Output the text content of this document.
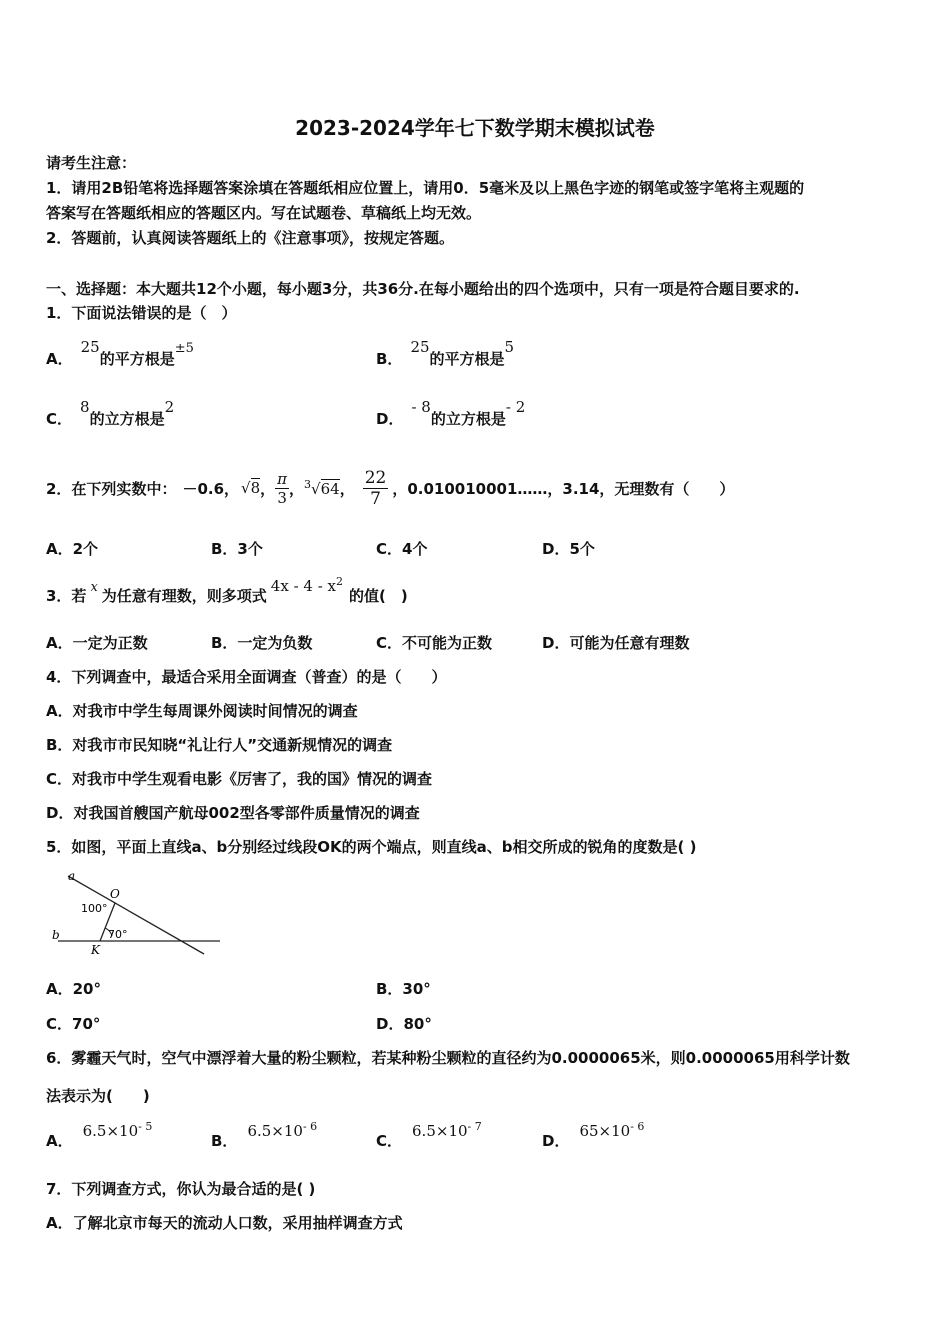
2023-2024学年七下数学期末模拟试卷
请考生注意：
1．请用2B铅笔将选择题答案涂填在答题纸相应位置上，请用0．5毫米及以上黑色字迹的钢笔或签字笔将主观题的
答案写在答题纸相应的答题区内。写在试题卷、草稿纸上均无效。
2．答题前，认真阅读答题纸上的《注意事项》，按规定答题。
一、选择题：本大题共12个小题，每小题3分，共36分.在每小题给出的四个选项中，只有一项是符合题目要求的.
1．下面说法错误的是（　）
A．25的平方根是±5
B．25的平方根是5
C．8的立方根是2
D．- 8的立方根是- 2
2．在下列实数中： －0.6， √8 ， $\frac{\pi}{3}$ ， $^3$√64 ， $\frac{22}{7}$ ，0.010010001……，3.14，无理数有（　　）
A．2个	B．3个	C．4个	D．5个
3．若 x 为任意有理数，则多项式$4x - 4 - x^2$的值(　)
A．一定为正数	B．一定为负数	C．不可能为正数	D．可能为任意有理数
4．下列调查中，最适合采用全面调查（普查）的是（　　）
A．对我市中学生每周课外阅读时间情况的调查
B．对我市市民知晓“礼让行人”交通新规情况的调查
C．对我市中学生观看电影《厉害了，我的国》情况的调查
D．对我国首艘国产航母002型各零部件质量情况的调查
5．如图，平面上直线a、b分别经过线段OK的两个端点，则直线a、b相交所成的锐角的度数是( )
a
b
O
K
100°
70°
A．20°	B．30°
C．70°	D．80°
6．雾霾天气时，空气中漂浮着大量的粉尘颗粒，若某种粉尘颗粒的直径约为0.0000065米，则0.0000065用科学计数
法表示为(　　)
A．$6.5\times 10^{- 5}$
B．$6.5\times 10^{- 6}$
C．$6.5\times 10^{- 7}$
D．$65\times 10^{- 6}$
7．下列调查方式，你认为最合适的是( )
A．了解北京市每天的流动人口数，采用抽样调查方式
